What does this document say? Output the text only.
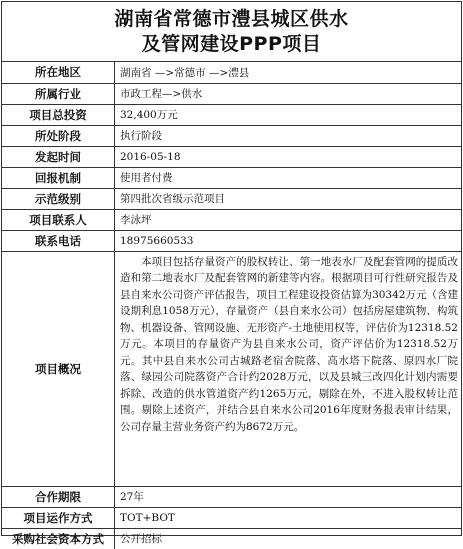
湖南省常德市澧县城区供水
及管网建设PPP项目
所在地区	湖南省 —>常德市 —>澧县
所属行业	市政工程—>供水
项目总投资	32,400万元
所处阶段	执行阶段
发起时间	2016-05-18
回报机制	使用者付费
示范级别	第四批次省级示范项目
项目联系人	李泳坪
联系电话	18975660533
项目概况	本项目包括存量资产的股权转让、第一地表水厂及配套管网的提质改造和第二地表水厂及配套管网的新建等内容。根据项目可行性研究报告及县自来水公司资产评估报告，项目工程建设投资估算为30342万元（含建设期利息1058万元），存量资产（县自来水公司）包括房屋建筑物、构筑物、机器设备、管网设施、无形资产-土地使用权等，评估价为12318.52万元。本项目的存量资产为县自来水公司，资产评估价为12318.52万元。其中县自来水公司古城路老宿舍院落、高水塔下院落、原四水厂院落、绿园公司院落资产合计约2028万元，以及县城三改四化计划内需要拆除、改造的供水管道资产约1265万元，剔除在外，不进入股权转让范围。剔除上述资产，并结合县自来水公司2016年度财务报表审计结果，公司存量主营业务资产约为8672万元。
合作期限	27年
项目运作方式	TOT+BOT
采购社会资本方式	公开招标
